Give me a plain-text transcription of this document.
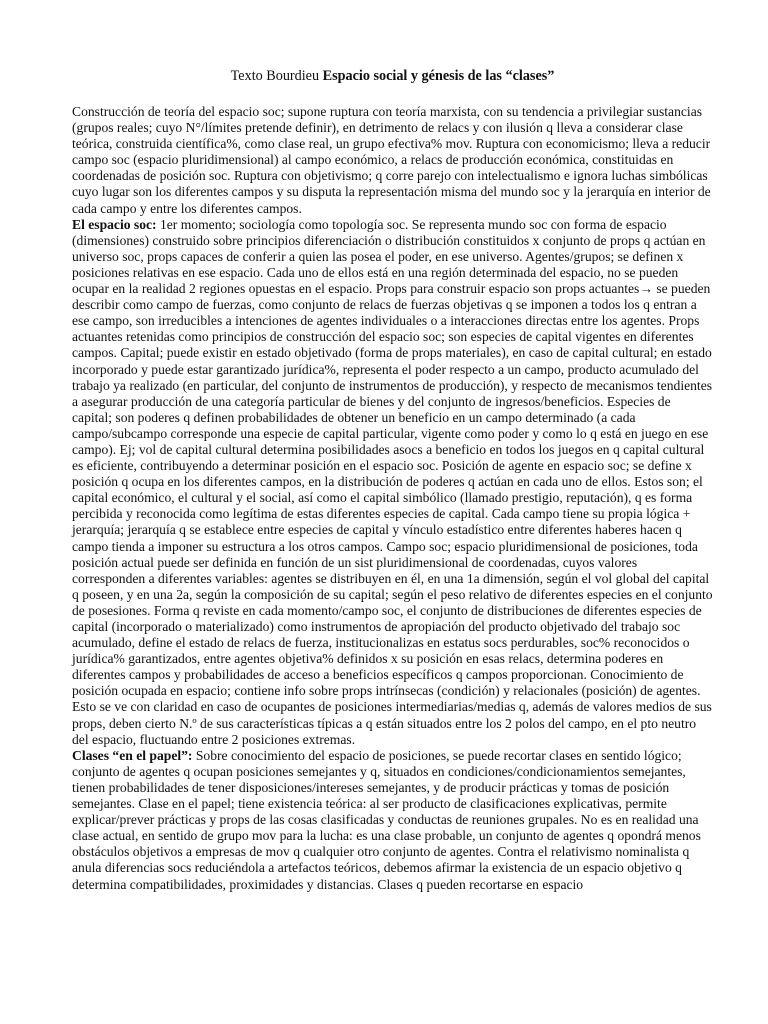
Texto Bourdieu Espacio social y génesis de las “clases”

Construcción de teoría del espacio soc; supone ruptura con teoría marxista, con su tendencia a privilegiar sustancias (grupos reales; cuyo N°/límites pretende definir), en detrimento de relacs y con ilusión q lleva a considerar clase teórica, construida científica%, como clase real, un grupo efectiva% mov. Ruptura con economicismo; lleva a reducir campo soc (espacio pluridimensional) al campo económico, a relacs de producción económica, constituidas en coordenadas de posición soc. Ruptura con objetivismo; q corre parejo con intelectualismo e ignora luchas simbólicas cuyo lugar son los diferentes campos y su disputa la representación misma del mundo soc y la jerarquía en interior de cada campo y entre los diferentes campos.

El espacio soc: 1er momento; sociología como topología soc. Se representa mundo soc con forma de espacio (dimensiones) construido sobre principios diferenciación o distribución constituidos x conjunto de props q actúan en universo soc, props capaces de conferir a quien las posea el poder, en ese universo. Agentes/grupos; se definen x posiciones relativas en ese espacio. Cada uno de ellos está en una región determinada del espacio, no se pueden ocupar en la realidad 2 regiones opuestas en el espacio. Props para construir espacio son props actuantes→ se pueden describir como campo de fuerzas, como conjunto de relacs de fuerzas objetivas q se imponen a todos los q entran a ese campo, son irreducibles a intenciones de agentes individuales o a interacciones directas entre los agentes. Props actuantes retenidas como principios de construcción del espacio soc; son especies de capital vigentes en diferentes campos. Capital; puede existir en estado objetivado (forma de props materiales), en caso de capital cultural; en estado incorporado y puede estar garantizado jurídica%, representa el poder respecto a un campo, producto acumulado del trabajo ya realizado (en particular, del conjunto de instrumentos de producción), y respecto de mecanismos tendientes a asegurar producción de una categoría particular de bienes y del conjunto de ingresos/beneficios. Especies de capital; son poderes q definen probabilidades de obtener un beneficio en un campo determinado (a cada campo/subcampo corresponde una especie de capital particular, vigente como poder y como lo q está en juego en ese campo). Ej; vol de capital cultural determina posibilidades asocs a beneficio en todos los juegos en q capital cultural es eficiente, contribuyendo a determinar posición en el espacio soc. Posición de agente en espacio soc; se define x posición q ocupa en los diferentes campos, en la distribución de poderes q actúan en cada uno de ellos. Estos son; el capital económico, el cultural y el social, así como el capital simbólico (llamado prestigio, reputación), q es forma percibida y reconocida como legítima de estas diferentes especies de capital. Cada campo tiene su propia lógica + jerarquía; jerarquía q se establece entre especies de capital y vínculo estadístico entre diferentes haberes hacen q campo tienda a imponer su estructura a los otros campos. Campo soc; espacio pluridimensional de posiciones, toda posición actual puede ser definida en función de un sist pluridimensional de coordenadas, cuyos valores corresponden a diferentes variables: agentes se distribuyen en él, en una 1a dimensión, según el vol global del capital q poseen, y en una 2a, según la composición de su capital; según el peso relativo de diferentes especies en el conjunto de posesiones. Forma q reviste en cada momento/campo soc, el conjunto de distribuciones de diferentes especies de capital (incorporado o materializado) como instrumentos de apropiación del producto objetivado del trabajo soc acumulado, define el estado de relacs de fuerza, institucionalizas en estatus socs perdurables, soc% reconocidos o jurídica% garantizados, entre agentes objetiva% definidos x su posición en esas relacs, determina poderes en diferentes campos y probabilidades de acceso a beneficios específicos q campos proporcionan. Conocimiento de posición ocupada en espacio; contiene info sobre props intrínsecas (condición) y relacionales (posición) de agentes. Esto se ve con claridad en caso de ocupantes de posiciones intermediarias/medias q, además de valores medios de sus props, deben cierto N.º de sus características típicas a q están situados entre los 2 polos del campo, en el pto neutro del espacio, fluctuando entre 2 posiciones extremas.

Clases “en el papel”: Sobre conocimiento del espacio de posiciones, se puede recortar clases en sentido lógico; conjunto de agentes q ocupan posiciones semejantes y q, situados en condiciones/condicionamientos semejantes, tienen probabilidades de tener disposiciones/intereses semejantes, y de producir prácticas y tomas de posición semejantes. Clase en el papel; tiene existencia teórica: al ser producto de clasificaciones explicativas, permite explicar/prever prácticas y props de las cosas clasificadas y conductas de reuniones grupales. No es en realidad una clase actual, en sentido de grupo mov para la lucha: es una clase probable, un conjunto de agentes q opondrá menos obstáculos objetivos a empresas de mov q cualquier otro conjunto de agentes. Contra el relativismo nominalista q anula diferencias socs reduciéndola a artefactos teóricos, debemos afirmar la existencia de un espacio objetivo q determina compatibilidades, proximidades y distancias. Clases q pueden recortarse en espacio
